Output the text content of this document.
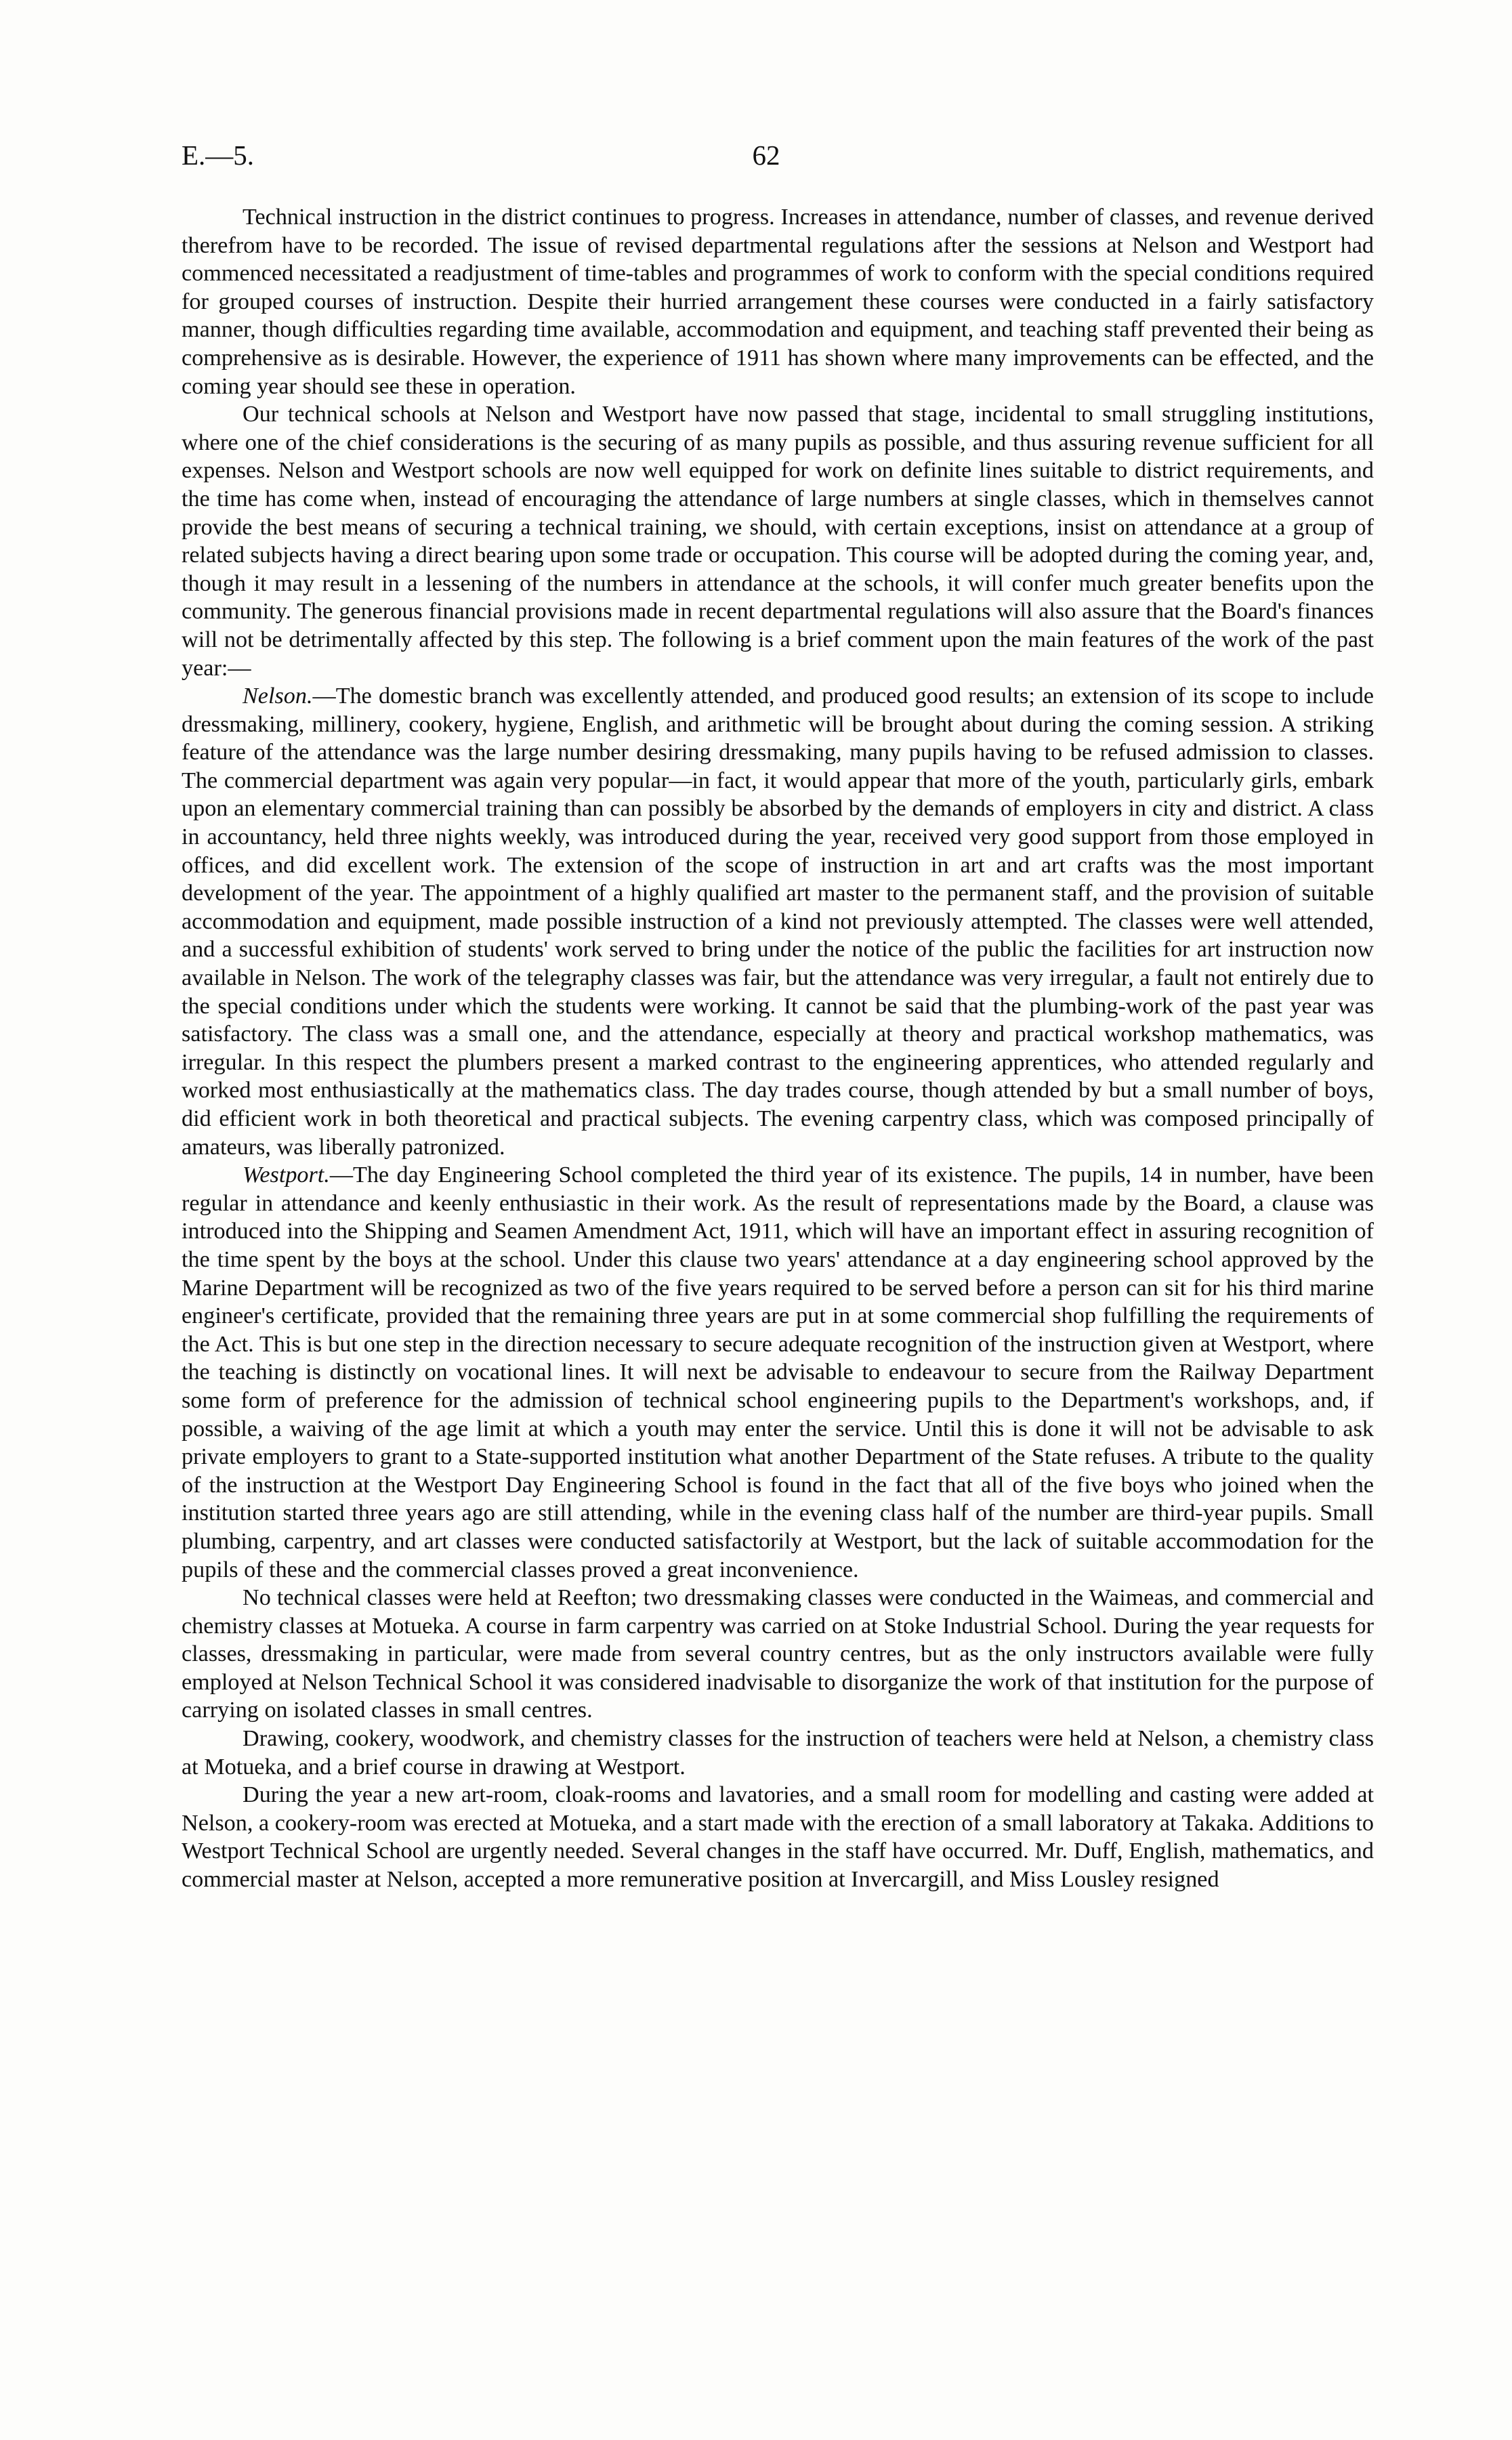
E.—5.	62

Technical instruction in the district continues to progress. Increases in attendance, number of classes, and revenue derived therefrom have to be recorded. The issue of revised departmental regulations after the sessions at Nelson and Westport had commenced necessitated a readjustment of time-tables and programmes of work to conform with the special conditions required for grouped courses of instruction. Despite their hurried arrangement these courses were conducted in a fairly satisfactory manner, though difficulties regarding time available, accommodation and equipment, and teaching staff prevented their being as comprehensive as is desirable. However, the experience of 1911 has shown where many improvements can be effected, and the coming year should see these in operation.

Our technical schools at Nelson and Westport have now passed that stage, incidental to small struggling institutions, where one of the chief considerations is the securing of as many pupils as possible, and thus assuring revenue sufficient for all expenses. Nelson and Westport schools are now well equipped for work on definite lines suitable to district requirements, and the time has come when, instead of encouraging the attendance of large numbers at single classes, which in themselves cannot provide the best means of securing a technical training, we should, with certain exceptions, insist on attendance at a group of related subjects having a direct bearing upon some trade or occupation. This course will be adopted during the coming year, and, though it may result in a lessening of the numbers in attendance at the schools, it will confer much greater benefits upon the community. The generous financial provisions made in recent departmental regulations will also assure that the Board's finances will not be detrimentally affected by this step. The following is a brief comment upon the main features of the work of the past year:—

Nelson.—The domestic branch was excellently attended, and produced good results; an extension of its scope to include dressmaking, millinery, cookery, hygiene, English, and arithmetic will be brought about during the coming session. A striking feature of the attendance was the large number desiring dressmaking, many pupils having to be refused admission to classes. The commercial department was again very popular—in fact, it would appear that more of the youth, particularly girls, embark upon an elementary commercial training than can possibly be absorbed by the demands of employers in city and district. A class in accountancy, held three nights weekly, was introduced during the year, received very good support from those employed in offices, and did excellent work. The extension of the scope of instruction in art and art crafts was the most important development of the year. The appointment of a highly qualified art master to the permanent staff, and the provision of suitable accommodation and equipment, made possible instruction of a kind not previously attempted. The classes were well attended, and a successful exhibition of students' work served to bring under the notice of the public the facilities for art instruction now available in Nelson. The work of the telegraphy classes was fair, but the attendance was very irregular, a fault not entirely due to the special conditions under which the students were working. It cannot be said that the plumbing-work of the past year was satisfactory. The class was a small one, and the attendance, especially at theory and practical workshop mathematics, was irregular. In this respect the plumbers present a marked contrast to the engineering apprentices, who attended regularly and worked most enthusiastically at the mathematics class. The day trades course, though attended by but a small number of boys, did efficient work in both theoretical and practical subjects. The evening carpentry class, which was composed principally of amateurs, was liberally patronized.

Westport.—The day Engineering School completed the third year of its existence. The pupils, 14 in number, have been regular in attendance and keenly enthusiastic in their work. As the result of representations made by the Board, a clause was introduced into the Shipping and Seamen Amendment Act, 1911, which will have an important effect in assuring recognition of the time spent by the boys at the school. Under this clause two years' attendance at a day engineering school approved by the Marine Department will be recognized as two of the five years required to be served before a person can sit for his third marine engineer's certificate, provided that the remaining three years are put in at some commercial shop fulfilling the requirements of the Act. This is but one step in the direction necessary to secure adequate recognition of the instruction given at Westport, where the teaching is distinctly on vocational lines. It will next be advisable to endeavour to secure from the Railway Department some form of preference for the admission of technical school engineering pupils to the Department's workshops, and, if possible, a waiving of the age limit at which a youth may enter the service. Until this is done it will not be advisable to ask private employers to grant to a State-supported institution what another Department of the State refuses. A tribute to the quality of the instruction at the Westport Day Engineering School is found in the fact that all of the five boys who joined when the institution started three years ago are still attending, while in the evening class half of the number are third-year pupils. Small plumbing, carpentry, and art classes were conducted satisfactorily at Westport, but the lack of suitable accommodation for the pupils of these and the commercial classes proved a great inconvenience.

No technical classes were held at Reefton; two dressmaking classes were conducted in the Waimeas, and commercial and chemistry classes at Motueka. A course in farm carpentry was carried on at Stoke Industrial School. During the year requests for classes, dressmaking in particular, were made from several country centres, but as the only instructors available were fully employed at Nelson Technical School it was considered inadvisable to disorganize the work of that institution for the purpose of carrying on isolated classes in small centres.

Drawing, cookery, woodwork, and chemistry classes for the instruction of teachers were held at Nelson, a chemistry class at Motueka, and a brief course in drawing at Westport.

During the year a new art-room, cloak-rooms and lavatories, and a small room for modelling and casting were added at Nelson, a cookery-room was erected at Motueka, and a start made with the erection of a small laboratory at Takaka. Additions to Westport Technical School are urgently needed. Several changes in the staff have occurred. Mr. Duff, English, mathematics, and commercial master at Nelson, accepted a more remunerative position at Invercargill, and Miss Lousley resigned
